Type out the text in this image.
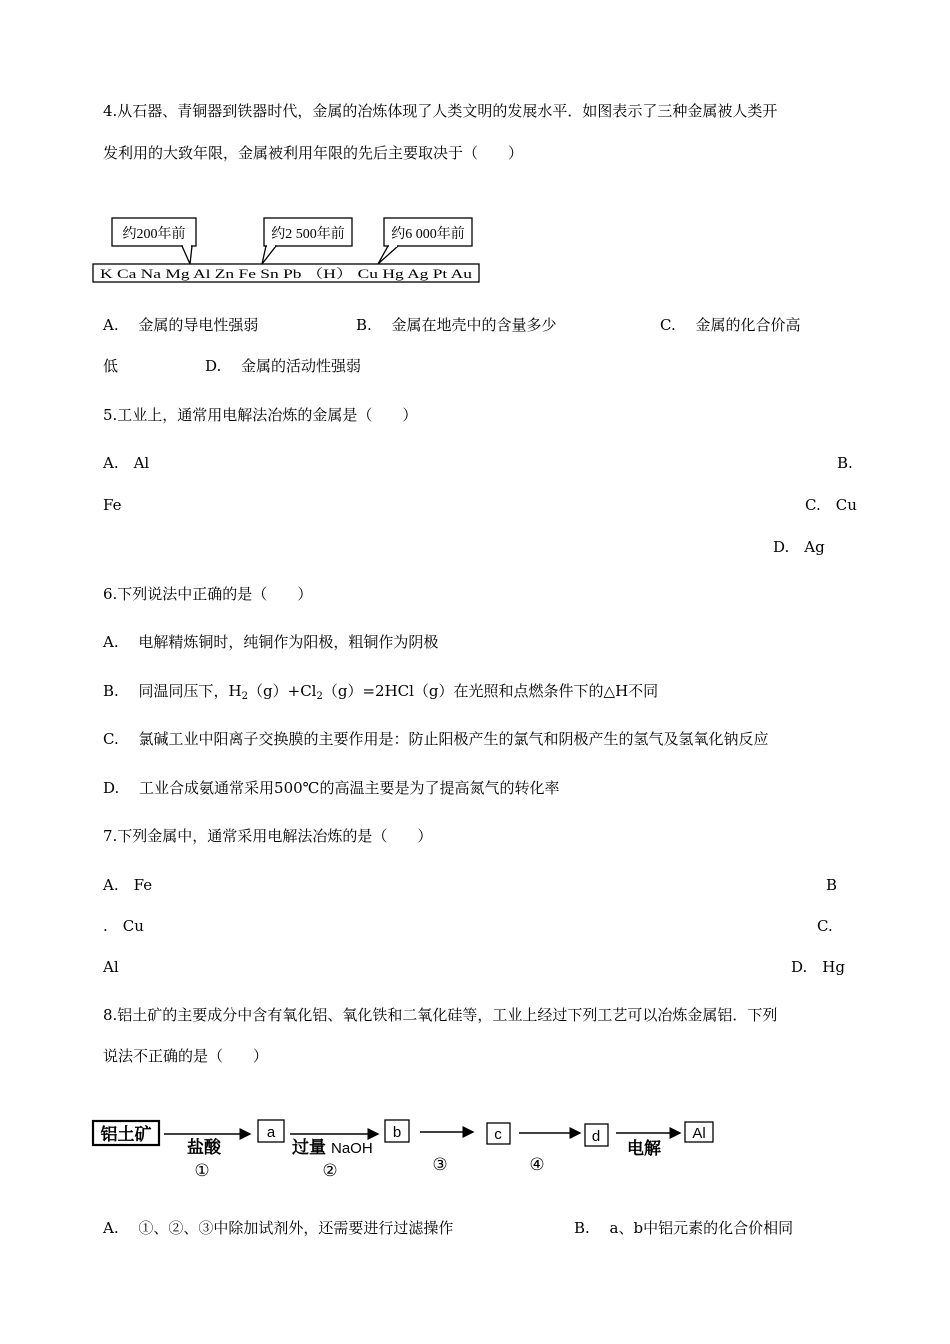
4.从石器、青铜器到铁器时代，金属的冶炼体现了人类文明的发展水平．如图表示了三种金属被人类开
发利用的大致年限，金属被利用年限的先后主要取决于（　　）
约200年前	约2 500年前	约6 000年前
K Ca Na Mg Al Zn Fe Sn Pb （H） Cu Hg Ag Pt Au
A.　 金属的导电性强弱	B.　 金属在地壳中的含量多少	C.　 金属的化合价高
低	D.　 金属的活动性强弱
5.工业上，通常用电解法冶炼的金属是（　　）
A.　Al	B.
Fe	C.　Cu
D.　Ag
6.下列说法中正确的是（　　）
A.　 电解精炼铜时，纯铜作为阳极，粗铜作为阴极
B.　 同温同压下，$H_2(g)+Cl_2(g)=2HCl(g)$在光照和点燃条件下的△H不同
C.　 氯碱工业中阳离子交换膜的主要作用是：防止阳极产生的氯气和阴极产生的氢气及氢氧化钠反应
D.　 工业合成氨通常采用500℃的高温主要是为了提高氮气的转化率
7.下列金属中，通常采用电解法冶炼的是（　　）
A.　Fe	B
.　Cu	C.
Al	D.　Hg
8.铝土矿的主要成分中含有氧化铝、氧化铁和二氧化硅等，工业上经过下列工艺可以冶炼金属铝．下列
说法不正确的是（　　）
铝土矿
盐酸
①
a
过量 NaOH
②
b
③
c
④
d
电解
Al
A.　 ①、②、③中除加试剂外，还需要进行过滤操作	B.　 a、b中铝元素的化合价相同
